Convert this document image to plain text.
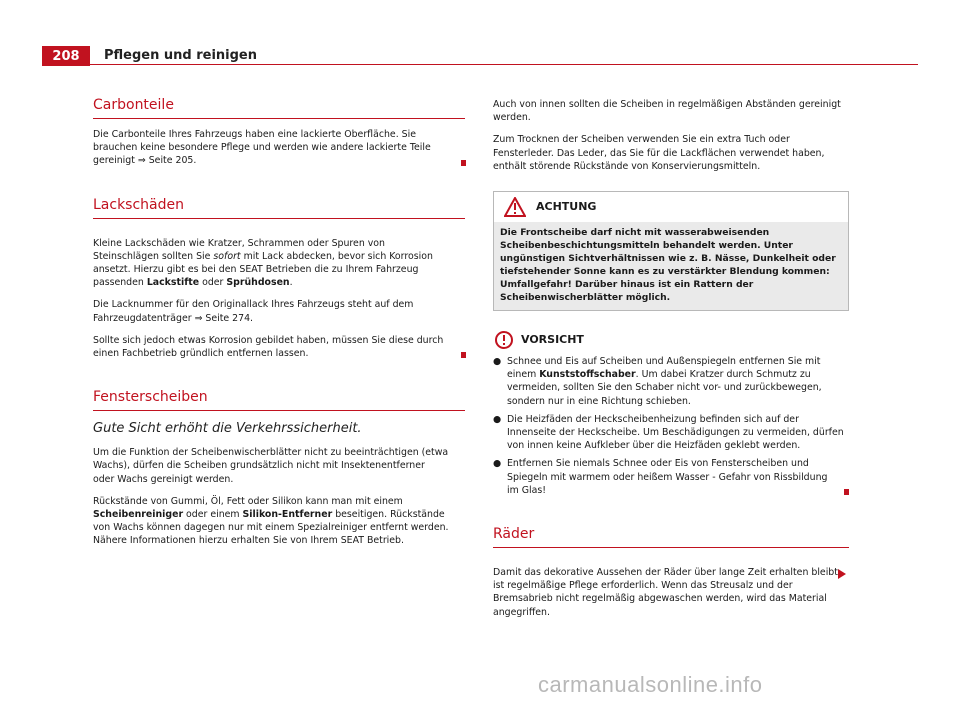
208	Pflegen und reinigen
Carbonteile

Die Carbonteile Ihres Fahrzeugs haben eine lackierte Oberfläche. Sie brauchen keine besondere Pflege und werden wie andere lackierte Teile gereinigt ⇒ Seite 205.

Lackschäden

Kleine Lackschäden wie Kratzer, Schrammen oder Spuren von Steinschlägen sollten Sie sofort mit Lack abdecken, bevor sich Korrosion ansetzt. Hierzu gibt es bei den SEAT Betrieben die zu Ihrem Fahrzeug passenden Lackstifte oder Sprühdosen.

Die Lacknummer für den Originallack Ihres Fahrzeugs steht auf dem Fahrzeugdatenträger ⇒ Seite 274.

Sollte sich jedoch etwas Korrosion gebildet haben, müssen Sie diese durch einen Fachbetrieb gründlich entfernen lassen.

Fensterscheiben
Gute Sicht erhöht die Verkehrssicherheit.

Um die Funktion der Scheibenwischerblätter nicht zu beeinträchtigen (etwa Wachs), dürfen die Scheiben grundsätzlich nicht mit Insektenentferner oder Wachs gereinigt werden.

Rückstände von Gummi, Öl, Fett oder Silikon kann man mit einem Scheibenreiniger oder einem Silikon-Entferner beseitigen. Rückstände von Wachs können dagegen nur mit einem Spezialreiniger entfernt werden. Nähere Informationen hierzu erhalten Sie von Ihrem SEAT Betrieb.

Auch von innen sollten die Scheiben in regelmäßigen Abständen gereinigt werden.

Zum Trocknen der Scheiben verwenden Sie ein extra Tuch oder Fensterleder. Das Leder, das Sie für die Lackflächen verwendet haben, enthält störende Rückstände von Konservierungsmitteln.

ACHTUNG
Die Frontscheibe darf nicht mit wasserabweisenden Scheibenbeschichtungsmitteln behandelt werden. Unter ungünstigen Sichtverhältnissen wie z. B. Nässe, Dunkelheit oder tiefstehender Sonne kann es zu verstärkter Blendung kommen: Umfallgefahr! Darüber hinaus ist ein Rattern der Scheibenwischerblätter möglich.
VORSICHT
● Schnee und Eis auf Scheiben und Außenspiegeln entfernen Sie mit einem Kunststoffschaber. Um dabei Kratzer durch Schmutz zu vermeiden, sollten Sie den Schaber nicht vor- und zurückbewegen, sondern nur in eine Richtung schieben.

● Die Heizfäden der Heckscheibenheizung befinden sich auf der Innenseite der Heckscheibe. Um Beschädigungen zu vermeiden, dürfen von innen keine Aufkleber über die Heizfäden geklebt werden.

● Entfernen Sie niemals Schnee oder Eis von Fensterscheiben und Spiegeln mit warmem oder heißem Wasser - Gefahr von Rissbildung im Glas!

Räder

Damit das dekorative Aussehen der Räder über lange Zeit erhalten bleibt, ist regelmäßige Pflege erforderlich. Wenn das Streusalz und der Bremsabrieb nicht regelmäßig abgewaschen werden, wird das Material angegriffen.

carmanualsonline.info
